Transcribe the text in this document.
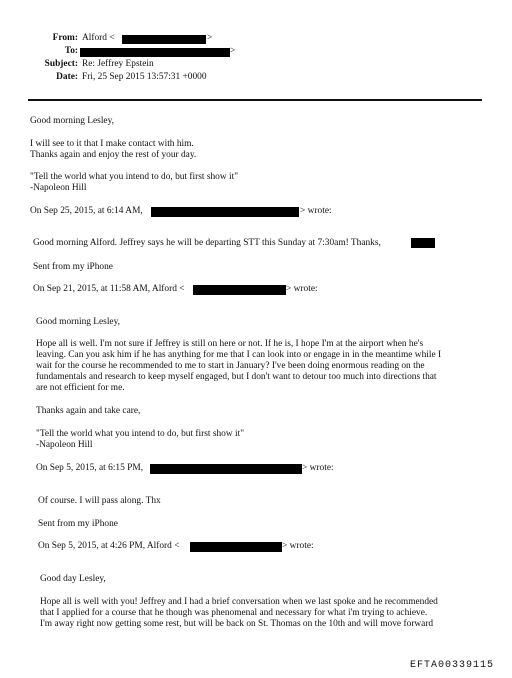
From: Alford <	>
To:	>
Subject: Re: Jeffrey Epstein
Date: Fri, 25 Sep 2015 13:57:31 +0000
Good morning Lesley,
I will see to it that I make contact with him.
Thanks again and enjoy the rest of your day.
"Tell the world what you intend to do, but first show it"
-Napoleon Hill
On Sep 25, 2015, at 6:14 AM,	> wrote:
Good morning Alford. Jeffrey says he will be departing STT this Sunday at 7:30am! Thanks,
Sent from my iPhone
On Sep 21, 2015, at 11:58 AM, Alford <	> wrote:
Good morning Lesley,
Hope all is well. I'm not sure if Jeffrey is still on here or not. If he is, I hope I'm at the airport when he's
leaving. Can you ask him if he has anything for me that I can look into or engage in in the meantime while I
wait for the course he recommended to me to start in January? I've been doing enormous reading on the
fundamentals and research to keep myself engaged, but I don't want to detour too much into directions that
are not efficient for me.
Thanks again and take care,
"Tell the world what you intend to do, but first show it"
-Napoleon Hill
On Sep 5, 2015, at 6:15 PM,	> wrote:
Of course. I will pass along. Thx
Sent from my iPhone
On Sep 5, 2015, at 4:26 PM, Alford <	> wrote:
Good day Lesley,
Hope all is well with you! Jeffrey and I had a brief conversation when we last spoke and he recommended
that I applied for a course that he though was phenomenal and necessary for what i'm trying to achieve.
I'm away right now getting some rest, but will be back on St. Thomas on the 10th and will move forward
EFTA00339115
